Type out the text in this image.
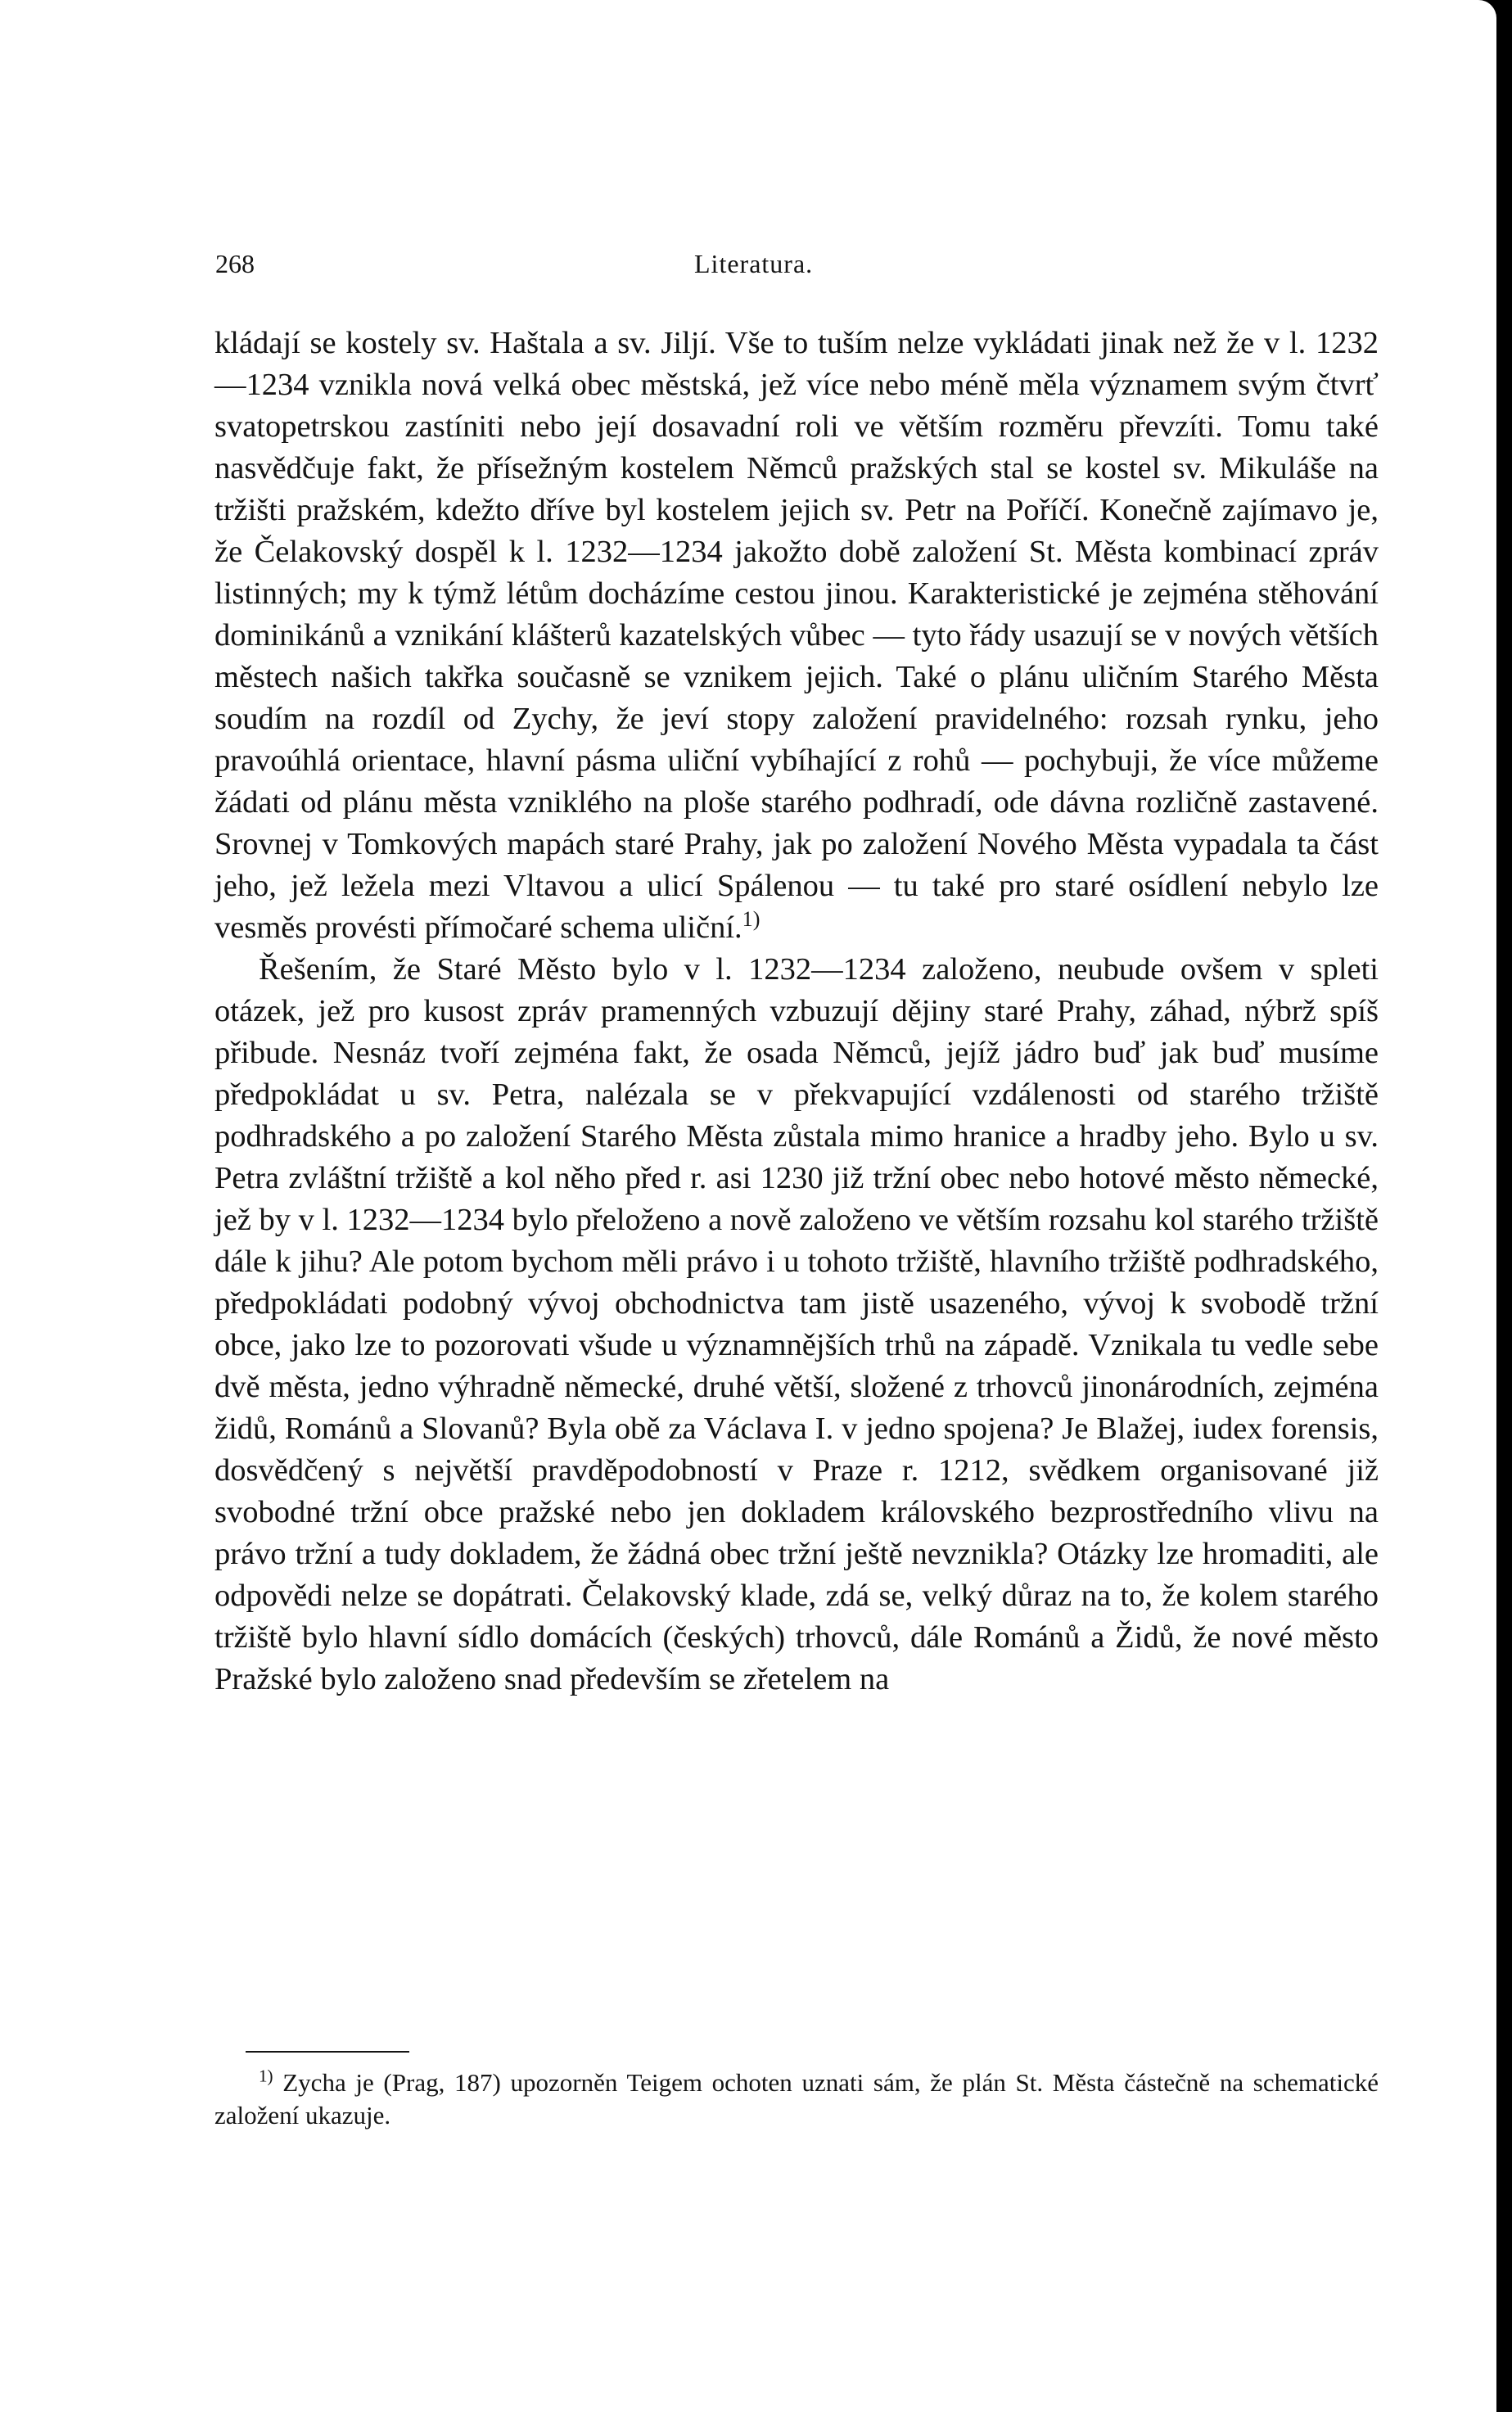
268	Literatura.

kládají se kostely sv. Haštala a sv. Jiljí. Vše to tuším nelze vykládati jinak než že v l. 1232—1234 vznikla nová velká obec městská, jež více nebo méně měla významem svým čtvrť svatopetrskou zastíniti nebo její dosavadní roli ve větším rozměru převzíti. Tomu také nasvědčuje fakt, že přísežným kostelem Němců pražských stal se kostel sv. Mikuláše na tržišti pražském, kdežto dříve byl kostelem jejich sv. Petr na Poříčí. Konečně zajímavo je, že Čelakovský dospěl k l. 1232—1234 jakožto době založení St. Města kombinací zpráv listinných; my k týmž létům docházíme cestou jinou. Karakteristické je zejména stěhování dominikánů a vznikání klášterů kazatelských vůbec — tyto řády usazují se v nových větších městech našich takřka současně se vznikem jejich. Také o plánu uličním Starého Města soudím na rozdíl od Zychy, že jeví stopy založení pravidelného: rozsah rynku, jeho pravoúhlá orientace, hlavní pásma uliční vybíhající z rohů — pochybuji, že více můžeme žádati od plánu města vzniklého na ploše starého podhradí, ode dávna rozličně zastavené. Srovnej v Tomkových mapách staré Prahy, jak po založení Nového Města vypadala ta část jeho, jež ležela mezi Vltavou a ulicí Spálenou — tu také pro staré osídlení nebylo lze vesměs provésti přímočaré schema uliční.$^{1)}$

Řešením, že Staré Město bylo v l. 1232—1234 založeno, neubude ovšem v spleti otázek, jež pro kusost zpráv pramenných vzbuzují dějiny staré Prahy, záhad, nýbrž spíš přibude. Nesnáz tvoří zejména fakt, že osada Němců, jejíž jádro buď jak buď musíme předpokládat u sv. Petra, nalézala se v překvapující vzdálenosti od starého tržiště podhradského a po založení Starého Města zůstala mimo hranice a hradby jeho. Bylo u sv. Petra zvláštní tržiště a kol něho před r. asi 1230 již tržní obec nebo hotové město německé, jež by v l. 1232—1234 bylo přeloženo a nově založeno ve větším rozsahu kol starého tržiště dále k jihu? Ale potom bychom měli právo i u tohoto tržiště, hlavního tržiště podhradského, předpokládati podobný vývoj obchodnictva tam jistě usazeného, vývoj k svobodě tržní obce, jako lze to pozorovati všude u významnějších trhů na západě. Vznikala tu vedle sebe dvě města, jedno výhradně německé, druhé větší, složené z trhovců jinonárodních, zejména židů, Románů a Slovanů? Byla obě za Václava I. v jedno spojena? Je Blažej, iudex forensis, dosvědčený s největší pravděpodobností v Praze r. 1212, svědkem organisované již svobodné tržní obce pražské nebo jen dokladem královského bezprostředního vlivu na právo tržní a tudy dokladem, že žádná obec tržní ještě nevznikla? Otázky lze hromaditi, ale odpovědi nelze se dopátrati. Čelakovský klade, zdá se, velký důraz na to, že kolem starého tržiště bylo hlavní sídlo domácích (českých) trhovců, dále Románů a Židů, že nové město Pražské bylo založeno snad především se zřetelem na

$^{1)}$ Zycha je (Prag, 187) upozorněn Teigem ochoten uznati sám, že plán St. Města částečně na schematické založení ukazuje.
